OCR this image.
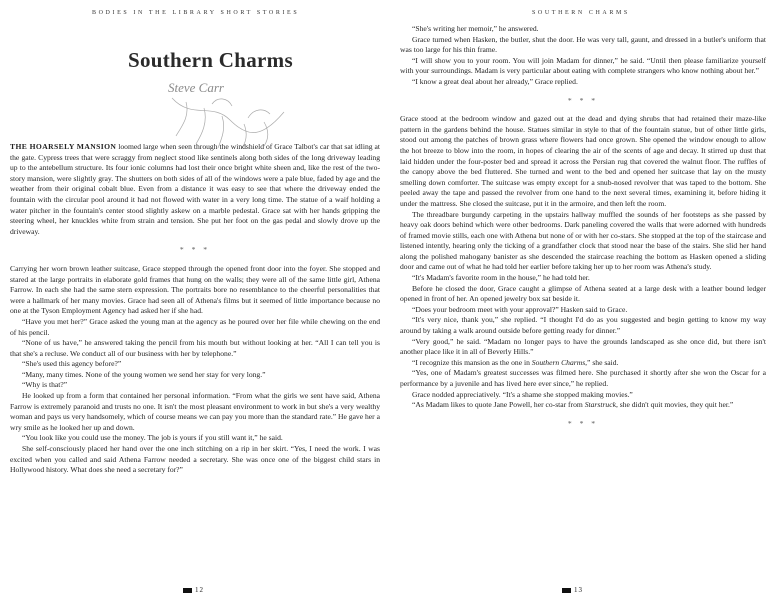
BODIES IN THE LIBRARY SHORT STORIES
Southern Charms
Steve Carr

THE HOARSELY MANSION loomed large when seen through the windshield of Grace Talbot's car that sat idling at the gate. Cypress trees that were scraggy from neglect stood like sentinels along both sides of the long driveway leading up to the antebellum structure. Its four ionic columns had lost their once bright white sheen and, like the rest of the two-story mansion, were slightly gray. The shutters on both sides of all of the windows were a pale blue, faded by age and the weather from their original cobalt blue. Even from a distance it was easy to see that where the driveway ended the fountain with the circular pool around it had not flowed with water in a very long time. The statue of a waif holding a water pitcher in the fountain's center stood slightly askew on a marble pedestal. Grace sat with her hands gripping the steering wheel, her knuckles white from strain and tension. She put her foot on the gas pedal and slowly drove up the driveway.

* * *

Carrying her worn brown leather suitcase, Grace stepped through the opened front door into the foyer. She stopped and stared at the large portraits in elaborate gold frames that hung on the walls; they were all of the same little girl, Athena Farrow. In each she had the same stern expression. The portraits bore no resemblance to the cheerful personalities that were a hallmark of her many movies. Grace had seen all of Athena's films but it seemed of little importance because no one at the Tyson Employment Agency had asked her if she had.

“Have you met her?” Grace asked the young man at the agency as he poured over her file while chewing on the end of his pencil.

“None of us have,” he answered taking the pencil from his mouth but without looking at her. “All I can tell you is that she's a recluse. We conduct all of our business with her by telephone.”

“She's used this agency before?”

“Many, many times. None of the young women we send her stay for very long.”

“Why is that?”

He looked up from a form that contained her personal information. “From what the girls we sent have said, Athena Farrow is extremely paranoid and trusts no one. It isn't the most pleasant environment to work in but she's a very wealthy woman and pays us very handsomely, which of course means we can pay you more than the standard rate.” He gave her a wry smile as he looked her up and down.

“You look like you could use the money. The job is yours if you still want it,” he said.

She self-consciously placed her hand over the one inch stitching on a rip in her skirt. “Yes, I need the work. I was excited when you called and said Athena Farrow needed a secretary. She was once one of the biggest child stars in Hollywood history. What does she need a secretary for?”

12
SOUTHERN CHARMS

“She's writing her memoir,” he answered.

Grace turned when Hasken, the butler, shut the door. He was very tall, gaunt, and dressed in a butler's uniform that was too large for his thin frame.

“I will show you to your room. You will join Madam for dinner,” he said. “Until then please familiarize yourself with your surroundings. Madam is very particular about eating with complete strangers who know nothing about her.”

“I know a great deal about her already,” Grace replied.

* * *

Grace stood at the bedroom window and gazed out at the dead and dying shrubs that had retained their maze-like pattern in the gardens behind the house. Statues similar in style to that of the fountain statue, but of other little girls, stood out among the patches of brown grass where flowers had once grown. She opened the window enough to allow the hot breeze to blow into the room, in hopes of clearing the air of the scents of age and decay. It stirred up dust that laid hidden under the four-poster bed and spread it across the Persian rug that covered the walnut floor. The ruffles of the canopy above the bed fluttered. She turned and went to the bed and opened her suitcase that lay on the musty smelling down comforter. The suitcase was empty except for a snub-nosed revolver that was taped to the bottom. She peeled away the tape and passed the revolver from one hand to the next several times, examining it, before hiding it under the mattress. She closed the suitcase, put it in the armoire, and then left the room.

The threadbare burgundy carpeting in the upstairs hallway muffled the sounds of her footsteps as she passed by heavy oak doors behind which were other bedrooms. Dark paneling covered the walls that were adorned with hundreds of framed movie stills, each one with Athena but none of or with her co-stars. She stopped at the top of the staircase and listened intently, hearing only the ticking of a grandfather clock that stood near the base of the stairs. She slid her hand along the polished mahogany banister as she descended the staircase reaching the bottom as Hasken opened a sliding door and came out of what he had told her earlier before taking her up to her room was Athena's study.

“It's Madam's favorite room in the house,” he had told her.

Before he closed the door, Grace caught a glimpse of Athena seated at a large desk with a leather bound ledger opened in front of her. An opened jewelry box sat beside it.

“Does your bedroom meet with your approval?” Hasken said to Grace.

“It's very nice, thank you,” she replied. “I thought I'd do as you suggested and begin getting to know my way around by taking a walk around outside before getting ready for dinner.”

“Very good,” he said. “Madam no longer pays to have the grounds landscaped as she once did, but there isn't another place like it in all of Beverly Hills.”

“I recognize this mansion as the one in Southern Charms,” she said.

“Yes, one of Madam's greatest successes was filmed here. She purchased it shortly after she won the Oscar for a performance by a juvenile and has lived here ever since,” he replied.

Grace nodded appreciatively. “It's a shame she stopped making movies.”

“As Madam likes to quote Jane Powell, her co-star from Starstruck, she didn't quit movies, they quit her.”

* * *
13
